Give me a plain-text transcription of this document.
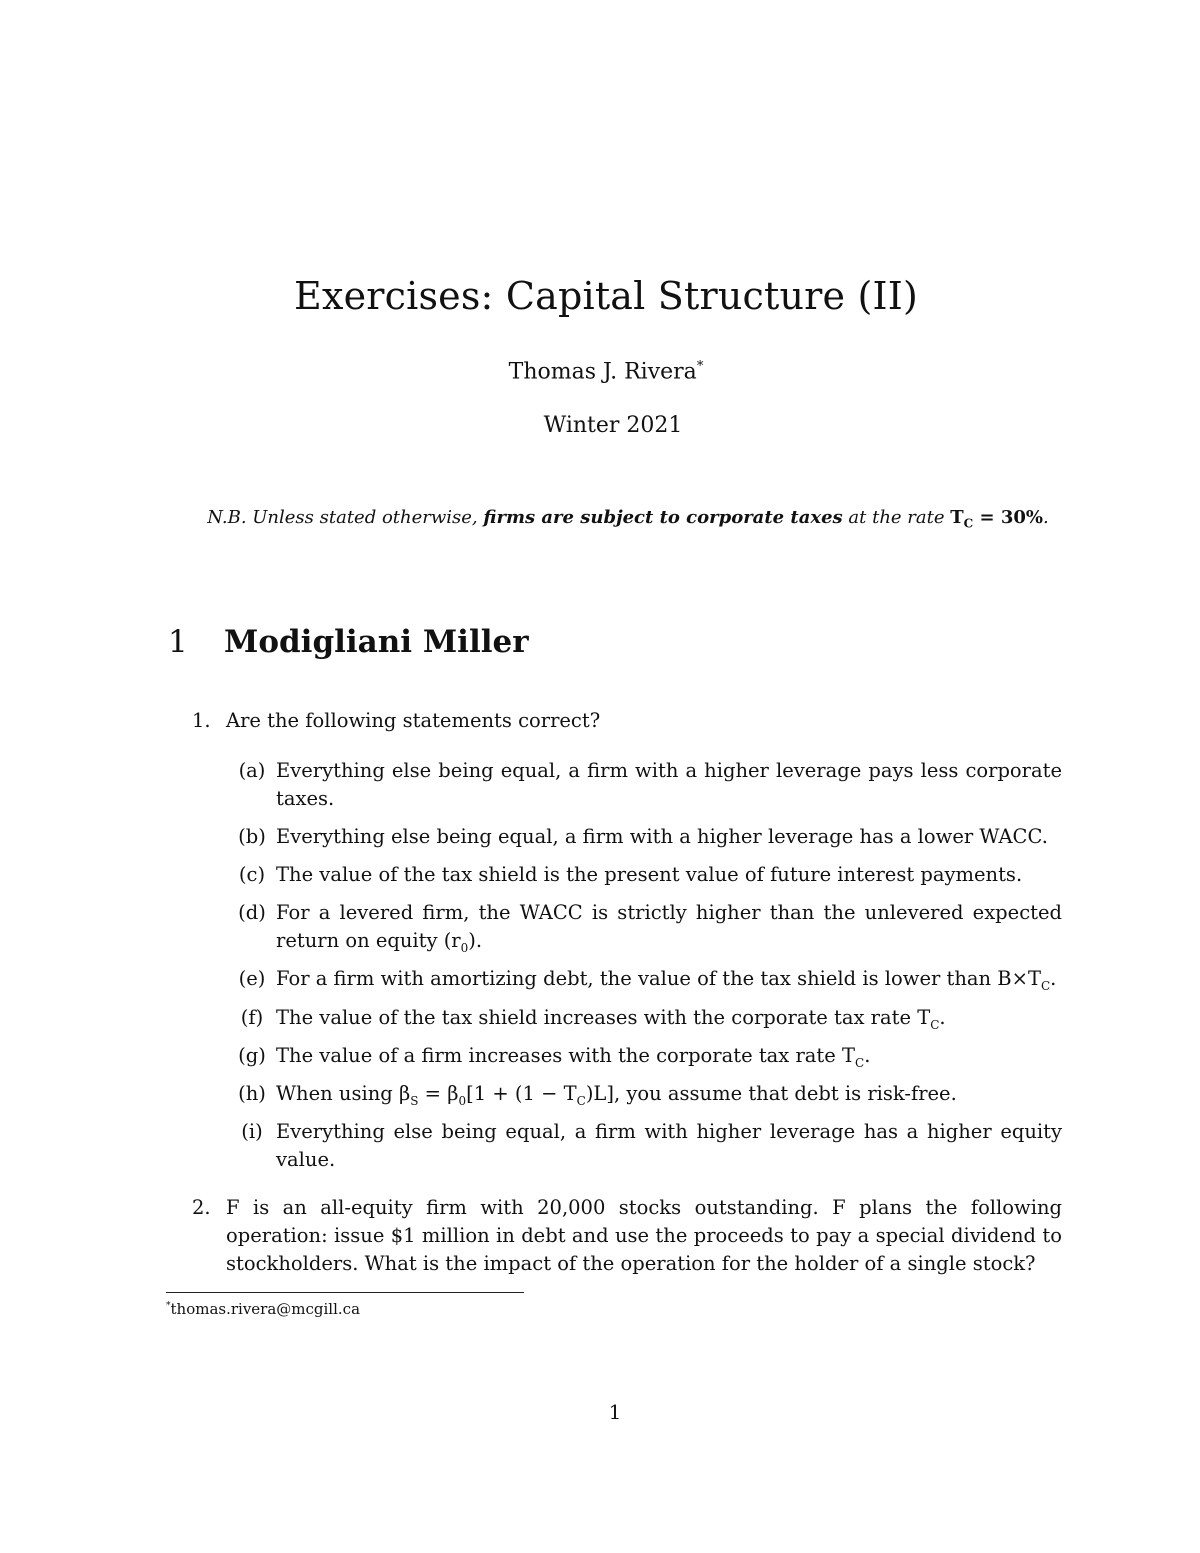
Exercises: Capital Structure (II)
Thomas J. Rivera*
Winter 2021
N.B. Unless stated otherwise, firms are subject to corporate taxes at the rate $T_C = 30\%$.
1 Modigliani Miller
1. Are the following statements correct?
(a) Everything else being equal, a firm with a higher leverage pays less corporate taxes.
(b) Everything else being equal, a firm with a higher leverage has a lower WACC.
(c) The value of the tax shield is the present value of future interest payments.
(d) For a levered firm, the WACC is strictly higher than the unlevered expected return on equity $(r_0)$.
(e) For a firm with amortizing debt, the value of the tax shield is lower than $B\times T_C$.
(f) The value of the tax shield increases with the corporate tax rate $T_C$.
(g) The value of a firm increases with the corporate tax rate $T_C$.
(h) When using $\beta_S = \beta_0[1 + (1 - T_C)L]$, you assume that debt is risk-free.
(i) Everything else being equal, a firm with higher leverage has a higher equity value.
2. F is an all-equity firm with 20,000 stocks outstanding. F plans the following operation: issue $1 million in debt and use the proceeds to pay a special dividend to stockholders. What is the impact of the operation for the holder of a single stock?
*thomas.rivera@mcgill.ca
1
